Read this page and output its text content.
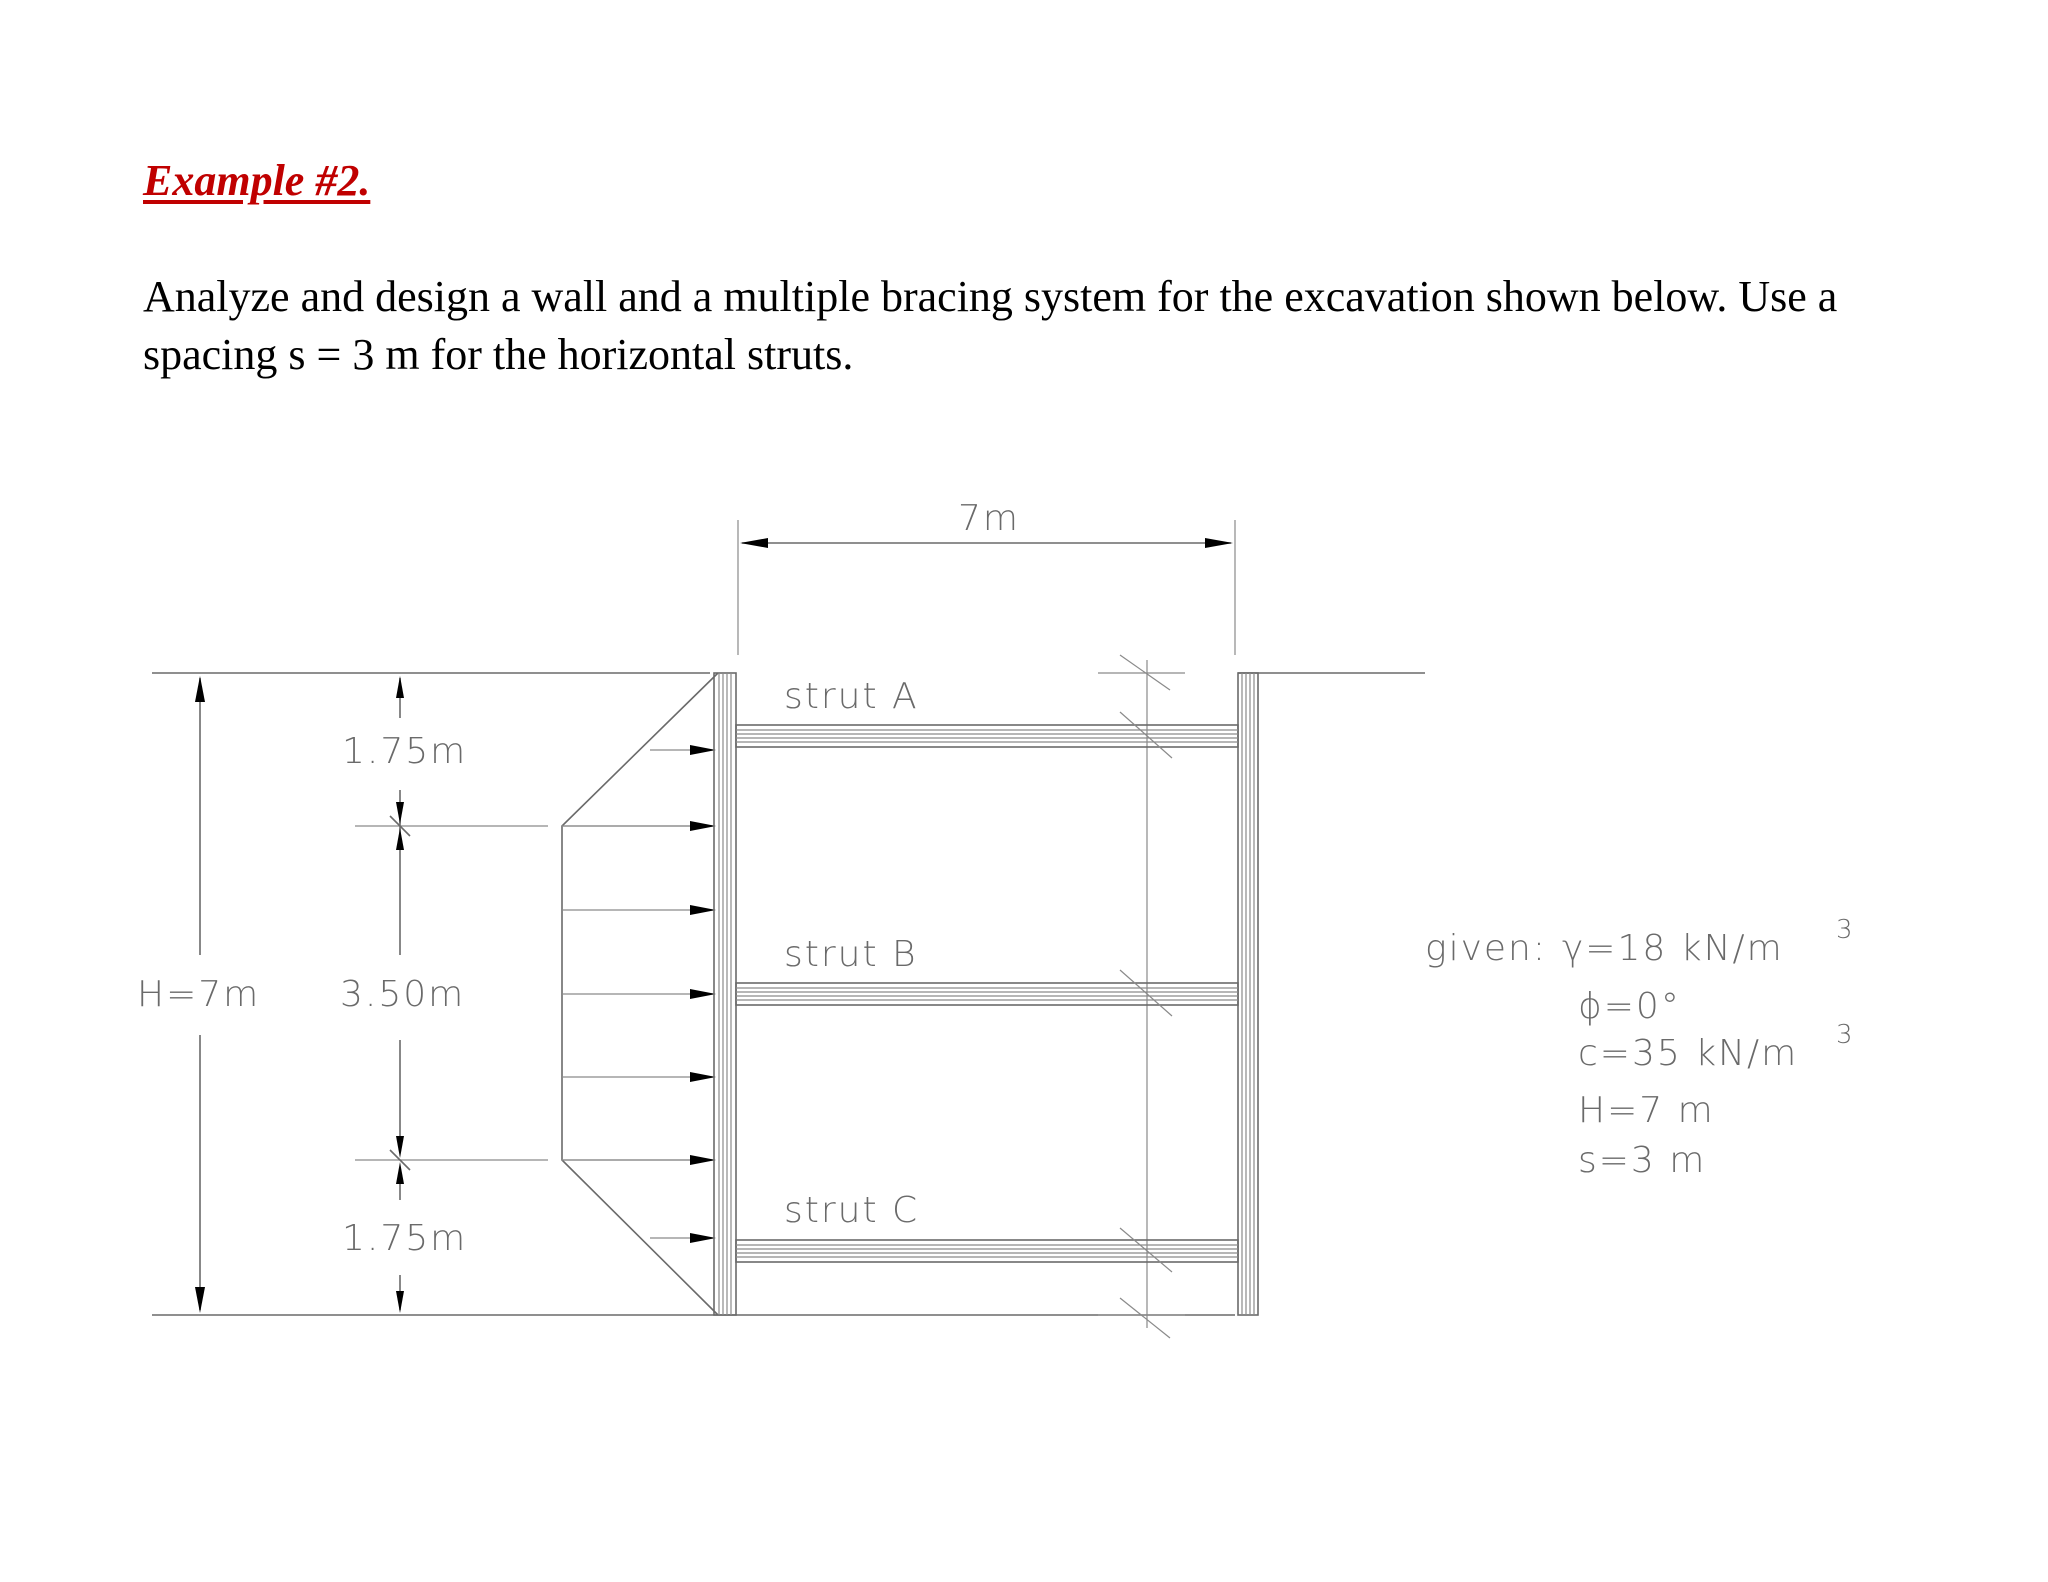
Example #2.
Analyze and design a wall and a multiple bracing system for the excavation shown below. Use a spacing s = 3 m for the horizontal struts.
7m
H=7m
1.75m
3.50m
1.75m
strut A
strut B
strut C
given: γ=18 kN/m 3
ϕ=0°
c=35 kN/m 3
H=7 m
s=3 m
